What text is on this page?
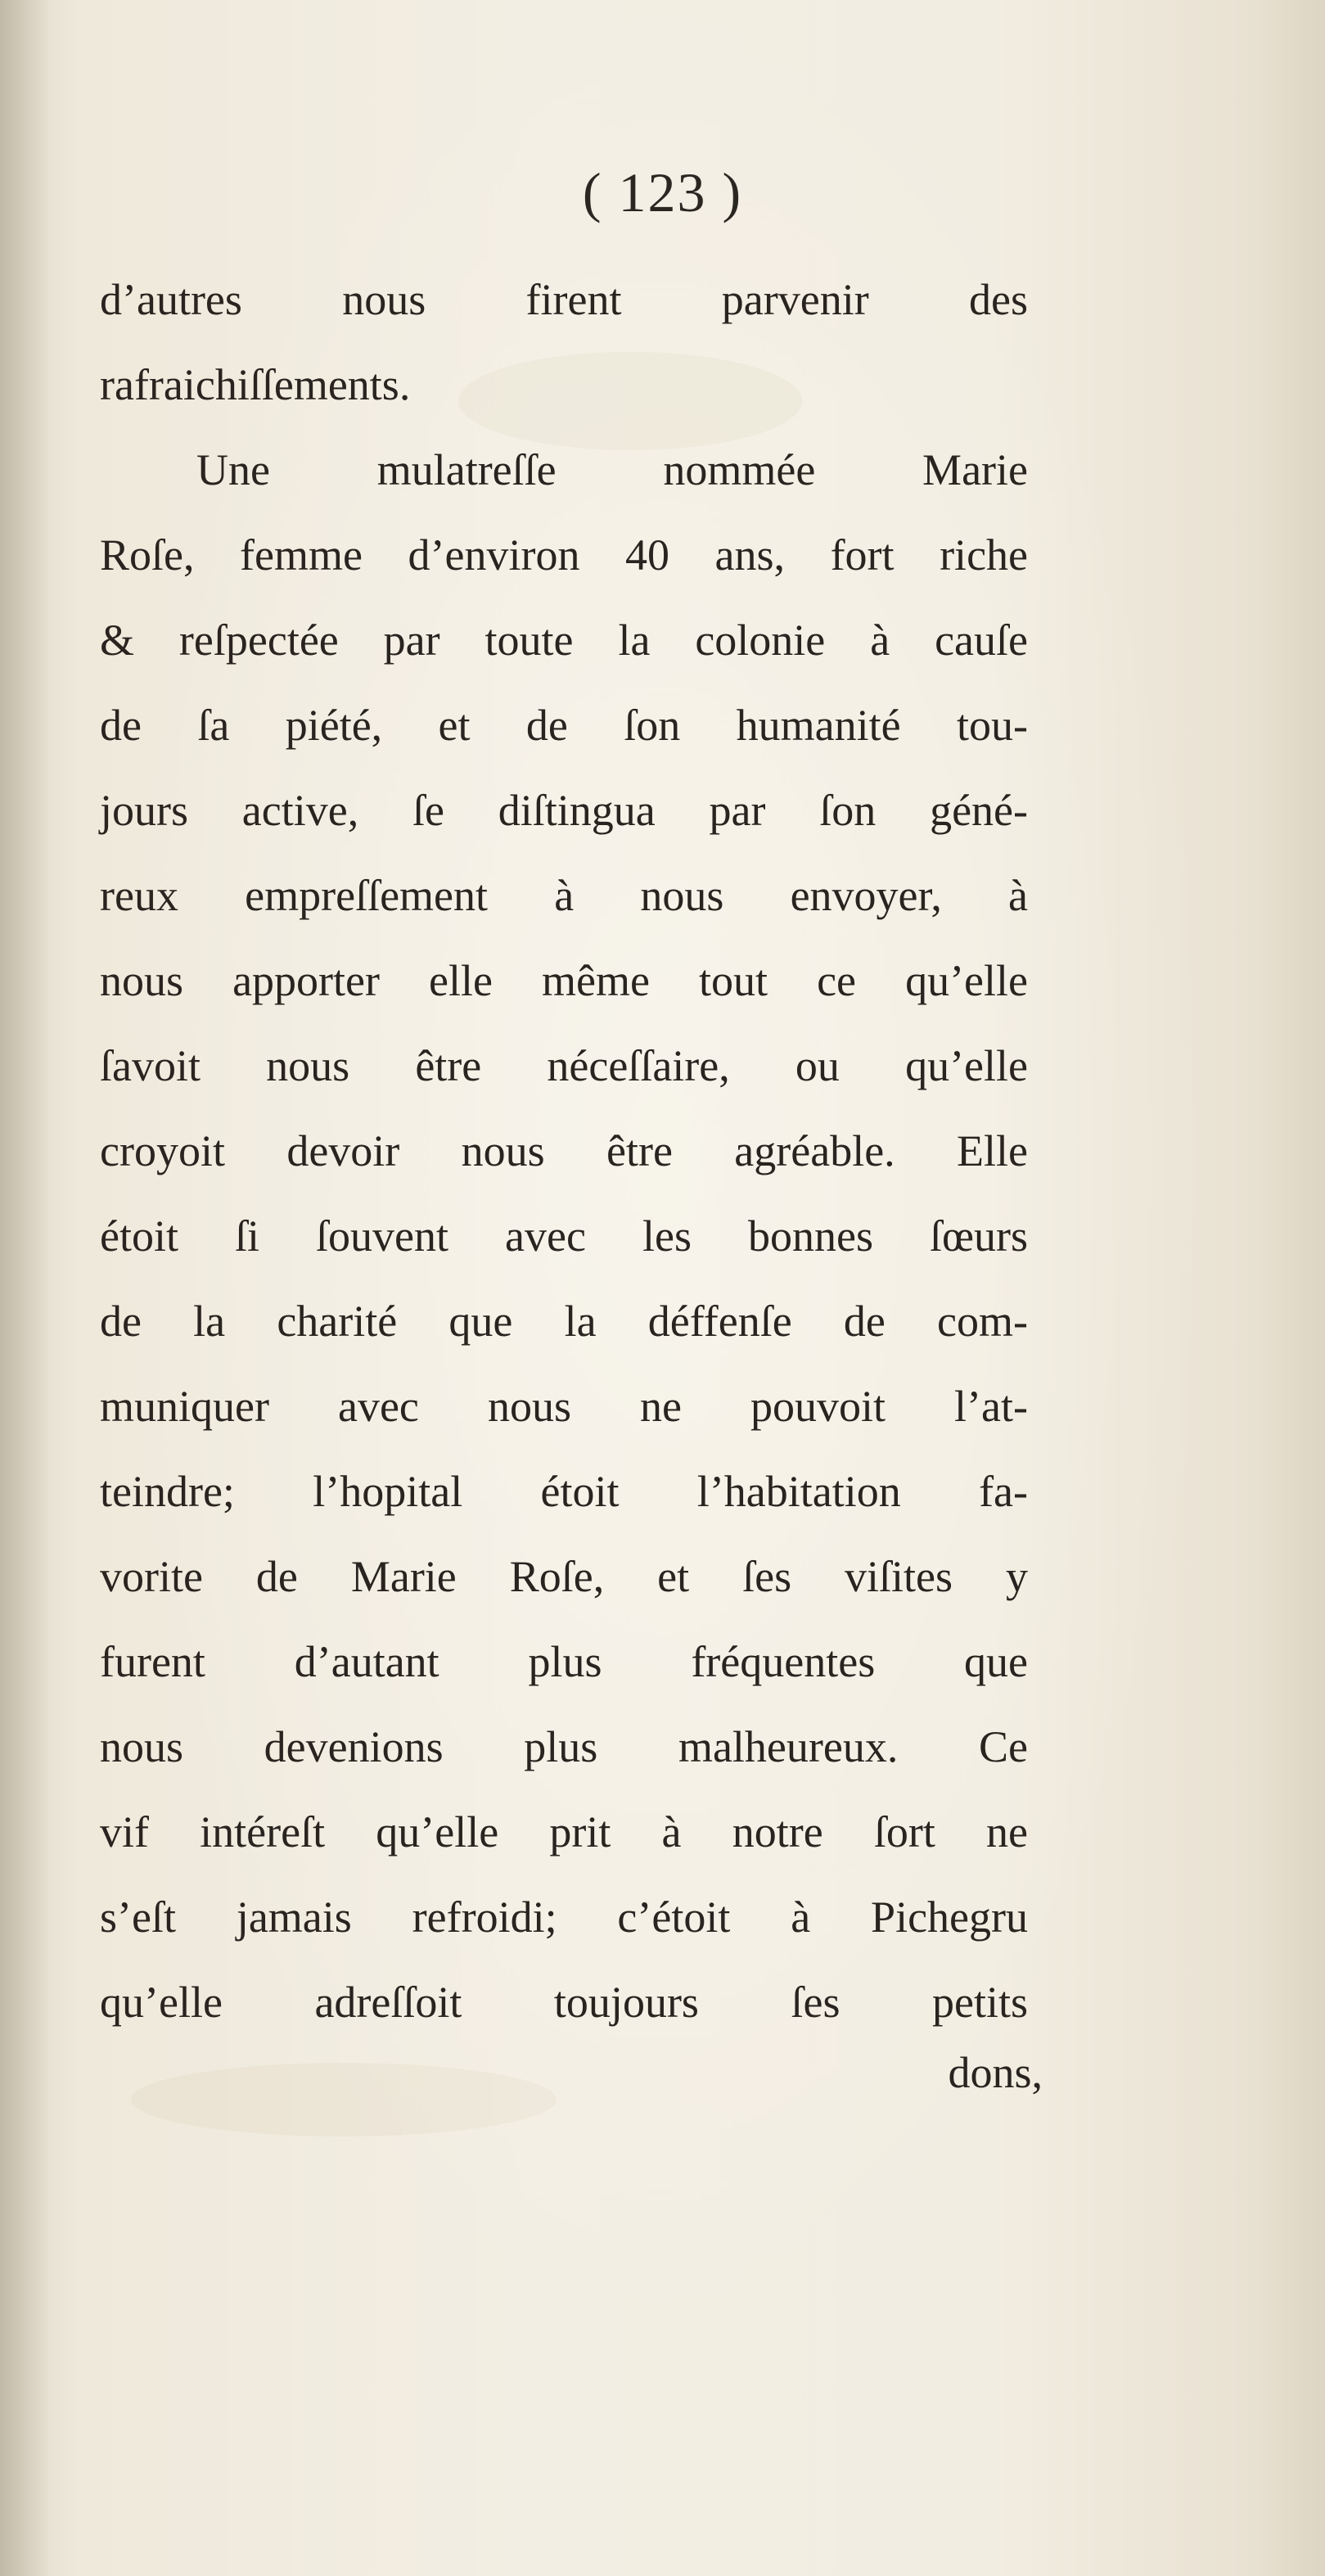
( 123 )
d’autres nous firent parvenir des
rafraichiſſements.
Une mulatreſſe nommée Marie
Roſe, femme d’environ 40 ans, fort riche
& reſpectée par toute la colonie à cauſe
de ſa piété, et de ſon humanité tou-
jours active, ſe diſtingua par ſon géné-
reux empreſſement à nous envoyer, à
nous apporter elle même tout ce qu’elle
ſavoit nous être néceſſaire, ou qu’elle
croyoit devoir nous être agréable. Elle
étoit ſi ſouvent avec les bonnes ſœurs
de la charité que la déffenſe de com-
muniquer avec nous ne pouvoit l’at-
teindre; l’hopital étoit l’habitation fa-
vorite de Marie Roſe, et ſes viſites y
furent d’autant plus fréquentes que
nous devenions plus malheureux. Ce
vif intéreſt qu’elle prit à notre ſort ne
s’eſt jamais refroidi; c’étoit à Pichegru
qu’elle adreſſoit toujours ſes petits
dons,
